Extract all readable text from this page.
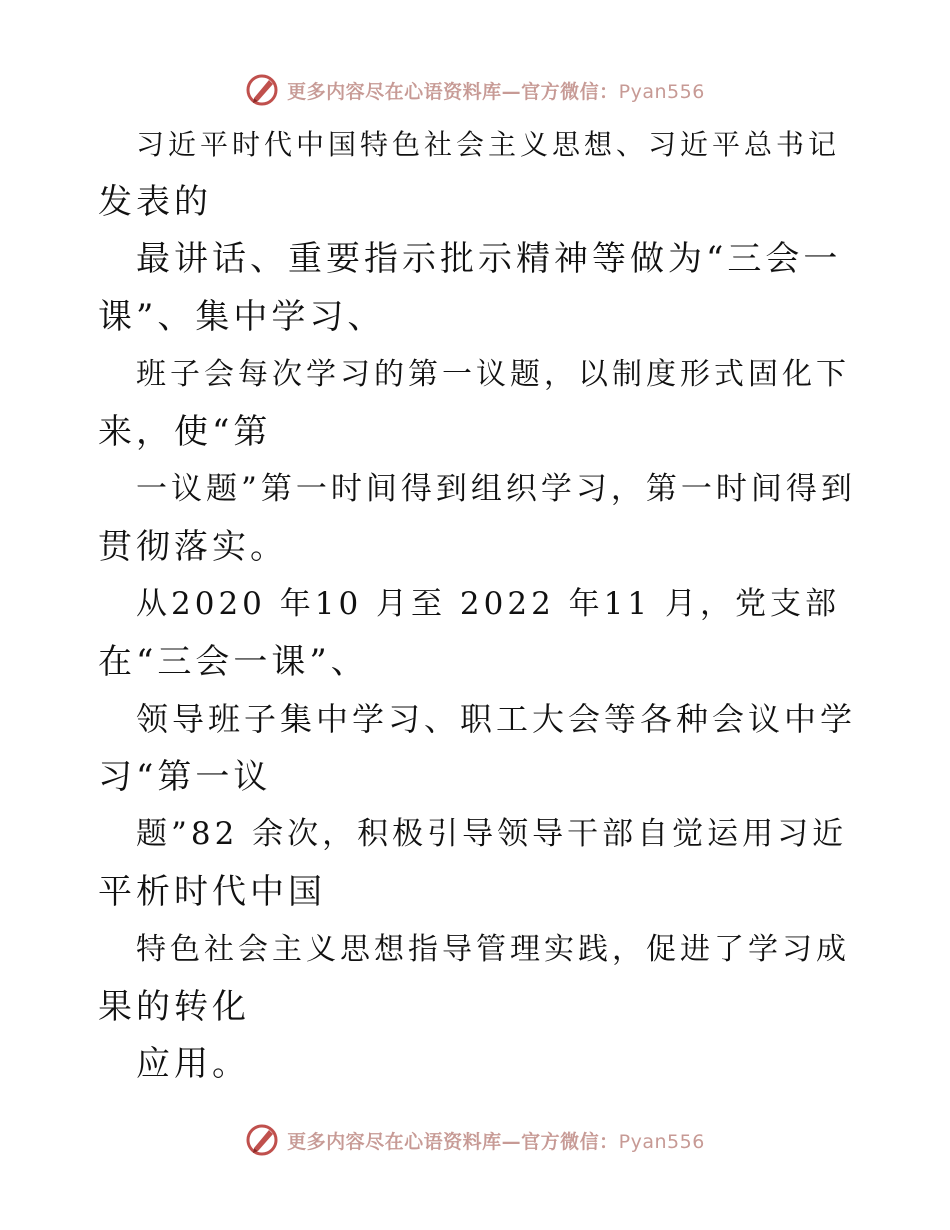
更多内容尽在心语资料库—官方微信：Pyan556
习近平时代中国特色社会主义思想、习近平总书记
发表的
最讲话、重要指示批示精神等做为“三会一
课”、集中学习、
班子会每次学习的第一议题，以制度形式固化下
来，使“第
一议题”第一时间得到组织学习，第一时间得到
贯彻落实。
从2020 年10 月至 2022 年11 月，党支部
在“三会一课”、
领导班子集中学习、职工大会等各种会议中学
习“第一议
题”82 余次，积极引导领导干部自觉运用习近
平析时代中国
特色社会主义思想指导管理实践，促进了学习成
果的转化
应用。
更多内容尽在心语资料库—官方微信：Pyan556
